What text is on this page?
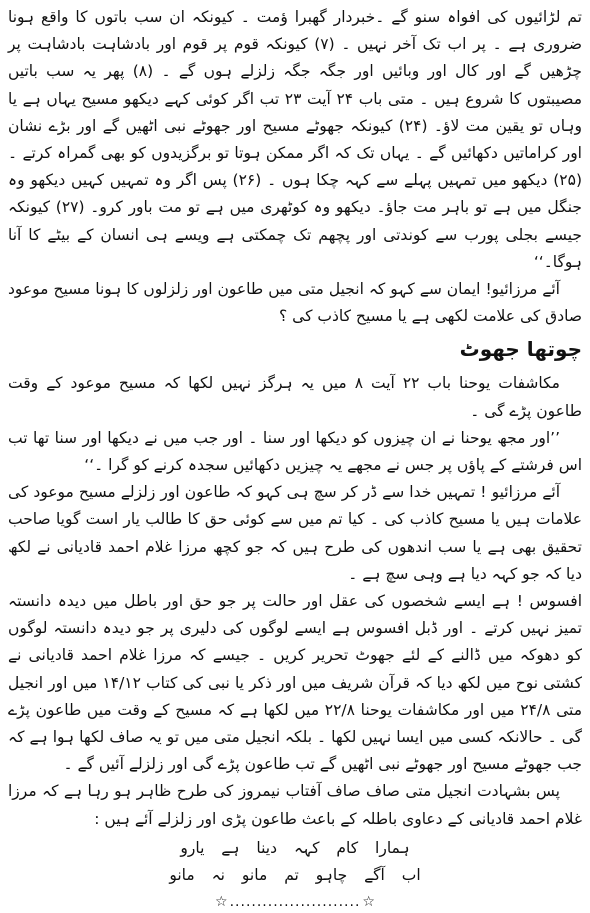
تم لڑائیوں کی افواہ سنو گے ۔خبردار گھبرا ؤمت ۔ کیونکہ ان سب باتوں کا واقع ہونا ضروری ہے ۔ پر اب تک آخر نہیں ۔ (۷) کیونکہ قوم پر قوم اور بادشاہت بادشاہت پر چڑھیں گے اور کال اور وبائیں اور جگہ جگہ زلزلے ہوں گے ۔ (۸) پھر یہ سب باتیں مصیبتوں کا شروع ہیں ۔ متی باب ۲۴ آیت ۲۳ تب اگر کوئی کہے دیکھو مسیح یہاں ہے یا وہاں تو یقین مت لاؤ۔ (۲۴) کیونکہ جھوٹے مسیح اور جھوٹے نبی اٹھیں گے اور بڑے نشان اور کراماتیں دکھائیں گے ۔ یہاں تک کہ اگر ممکن ہوتا تو برگزیدوں کو بھی گمراہ کرتے ۔ (۲۵) دیکھو میں تمہیں پہلے سے کہہ چکا ہوں ۔ (۲۶) پس اگر وہ تمہیں کہیں دیکھو وہ جنگل میں ہے تو باہر مت جاؤ۔ دیکھو وہ کوٹھری میں ہے تو مت باور کرو۔ (۲۷) کیونکہ جیسے بجلی پورب سے کوندتی اور پچھم تک چمکتی ہے ویسے ہی انسان کے بیٹے کا آنا ہوگا۔‘‘

آئے مرزائیو! ایمان سے کہو کہ انجیل متی میں طاعون اور زلزلوں کا ہونا مسیح موعود صادق کی علامت لکھی ہے یا مسیح کاذب کی ؟

چوتھا جھوٹ

مکاشفات یوحنا باب ۲۲ آیت ۸ میں یہ ہرگز نہیں لکھا کہ مسیح موعود کے وقت طاعون پڑے گی ۔

’’اور مجھ یوحنا نے ان چیزوں کو دیکھا اور سنا ۔ اور جب میں نے دیکھا اور سنا تھا تب اس فرشتے کے پاؤں پر جس نے مجھے یہ چیزیں دکھائیں سجدہ کرنے کو گرا ۔‘‘

آئے مرزائیو ! تمہیں خدا سے ڈر کر سچ ہی کہو کہ طاعون اور زلزلے مسیح موعود کی علامات ہیں یا مسیح کاذب کی ۔ کیا تم میں سے کوئی حق کا طالب یار است گویا صاحب تحقیق بھی ہے یا سب اندھوں کی طرح ہیں کہ جو کچھ مرزا غلام احمد قادیانی نے لکھ دیا کہ جو کہہ دیا ہے وہی سچ ہے ۔

افسوس ! ہے ایسے شخصوں کی عقل اور حالت پر جو حق اور باطل میں دیدہ دانستہ تمیز نہیں کرتے ۔ اور ڈبل افسوس ہے ایسے لوگوں کی دلیری پر جو دیدہ دانستہ لوگوں کو دھوکہ میں ڈالنے کے لئے جھوٹ تحریر کریں ۔ جیسے کہ مرزا غلام احمد قادیانی نے کشتی نوح میں لکھ دیا کہ قرآن شریف میں اور ذکر یا نبی کی کتاب ۱۴/۱۲ میں اور انجیل متی ۲۴/۸ میں اور مکاشفات یوحنا ۲۲/۸ میں لکھا ہے کہ مسیح کے وقت میں طاعون پڑے گی ۔ حالانکہ کسی میں ایسا نہیں لکھا ۔ بلکہ انجیل متی میں تو یہ صاف لکھا ہوا ہے کہ جب جھوٹے مسیح اور جھوٹے نبی اٹھیں گے تب طاعون پڑے گی اور زلزلے آئیں گے ۔

پس بشہادت انجیل متی صاف صاف آفتاب نیمروز کی طرح ظاہر ہو رہا ہے کہ مرزا غلام احمد قادیانی کے دعاوی باطلہ کے باعث طاعون پڑی اور زلزلے آئے ہیں :

ہمارا کام کہہ دینا ہے یارو
اب آگے چاہو تم مانو نہ مانو
☆ ........................ ☆
